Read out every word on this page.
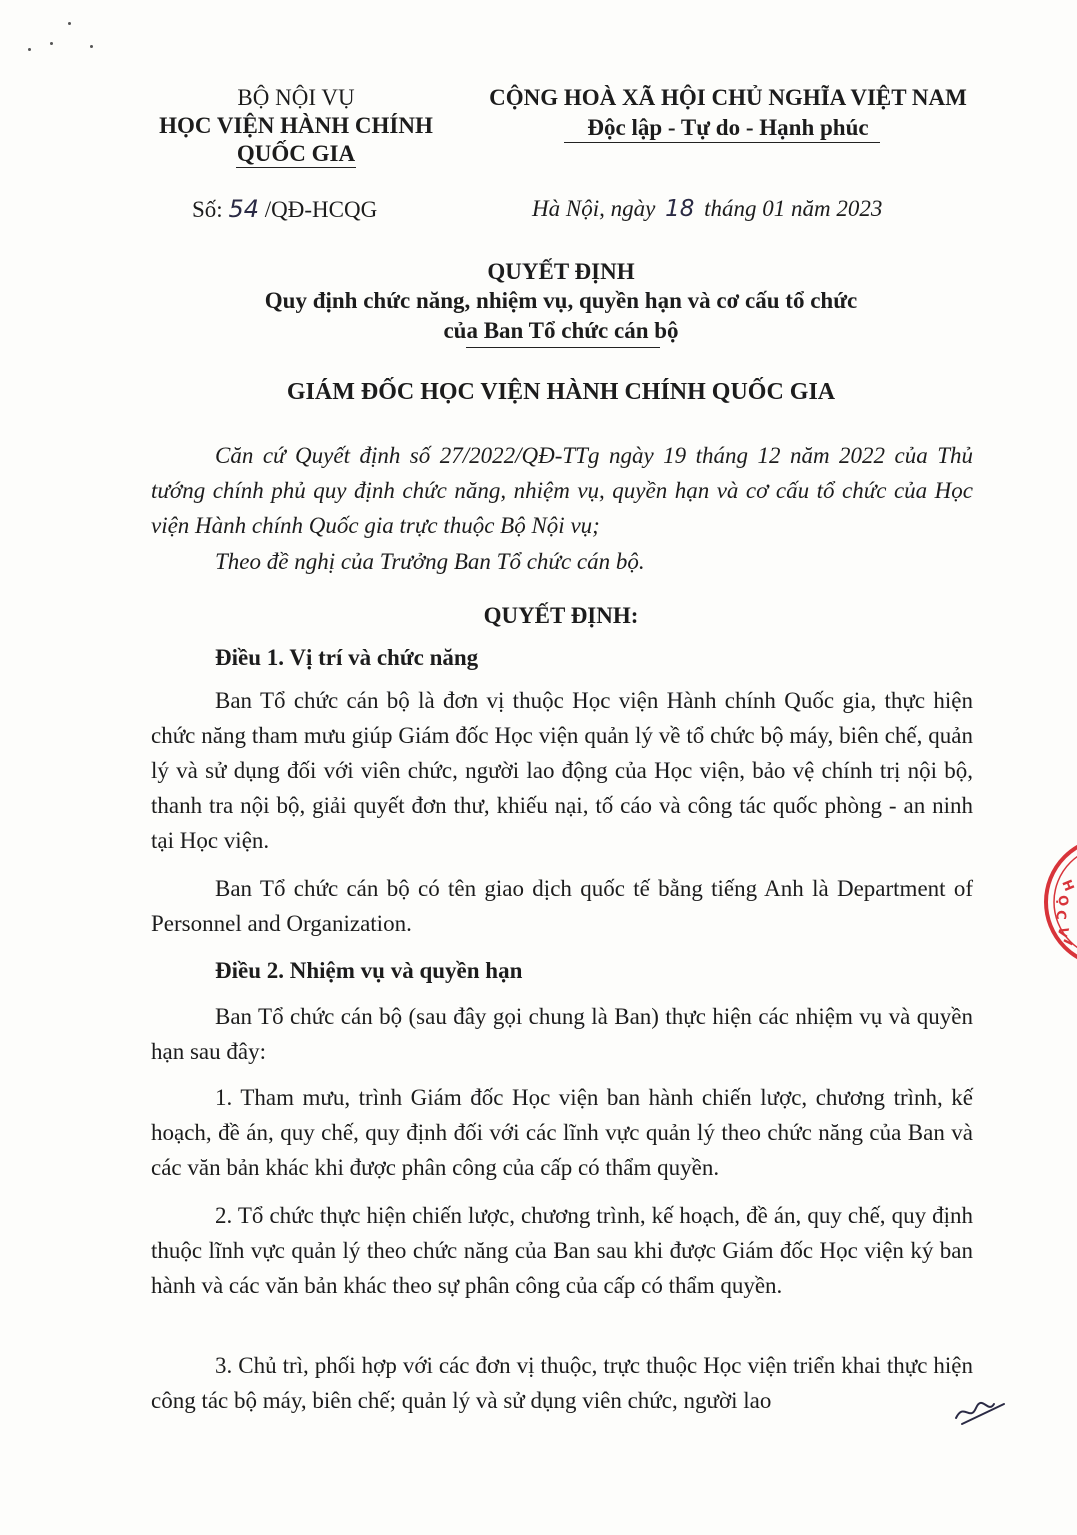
BỘ NỘI VỤ
HỌC VIỆN HÀNH CHÍNH
QUỐC GIA
CỘNG HOÀ XÃ HỘI CHỦ NGHĨA VIỆT NAM
Độc lập - Tự do - Hạnh phúc
Số: 54 /QĐ-HCQG	Hà Nội, ngày 18 tháng 01 năm 2023
QUYẾT ĐỊNH
Quy định chức năng, nhiệm vụ, quyền hạn và cơ cấu tổ chức
của Ban Tổ chức cán bộ
GIÁM ĐỐC HỌC VIỆN HÀNH CHÍNH QUỐC GIA
Căn cứ Quyết định số 27/2022/QĐ-TTg ngày 19 tháng 12 năm 2022 của Thủ tướng chính phủ quy định chức năng, nhiệm vụ, quyền hạn và cơ cấu tổ chức của Học viện Hành chính Quốc gia trực thuộc Bộ Nội vụ;
Theo đề nghị của Trưởng Ban Tổ chức cán bộ.
QUYẾT ĐỊNH:
Điều 1. Vị trí và chức năng
Ban Tổ chức cán bộ là đơn vị thuộc Học viện Hành chính Quốc gia, thực hiện chức năng tham mưu giúp Giám đốc Học viện quản lý về tổ chức bộ máy, biên chế, quản lý và sử dụng đối với viên chức, người lao động của Học viện, bảo vệ chính trị nội bộ, thanh tra nội bộ, giải quyết đơn thư, khiếu nại, tố cáo và công tác quốc phòng - an ninh tại Học viện.
Ban Tổ chức cán bộ có tên giao dịch quốc tế bằng tiếng Anh là Department of Personnel and Organization.
Điều 2. Nhiệm vụ và quyền hạn
Ban Tổ chức cán bộ (sau đây gọi chung là Ban) thực hiện các nhiệm vụ và quyền hạn sau đây:
1. Tham mưu, trình Giám đốc Học viện ban hành chiến lược, chương trình, kế hoạch, đề án, quy chế, quy định đối với các lĩnh vực quản lý theo chức năng của Ban và các văn bản khác khi được phân công của cấp có thẩm quyền.
2. Tổ chức thực hiện chiến lược, chương trình, kế hoạch, đề án, quy chế, quy định thuộc lĩnh vực quản lý theo chức năng của Ban sau khi được Giám đốc Học viện ký ban hành và các văn bản khác theo sự phân công của cấp có thẩm quyền.
3. Chủ trì, phối hợp với các đơn vị thuộc, trực thuộc Học viện triển khai thực hiện công tác bộ máy, biên chế; quản lý và sử dụng viên chức, người lao
H
Ọ
C
V
I
